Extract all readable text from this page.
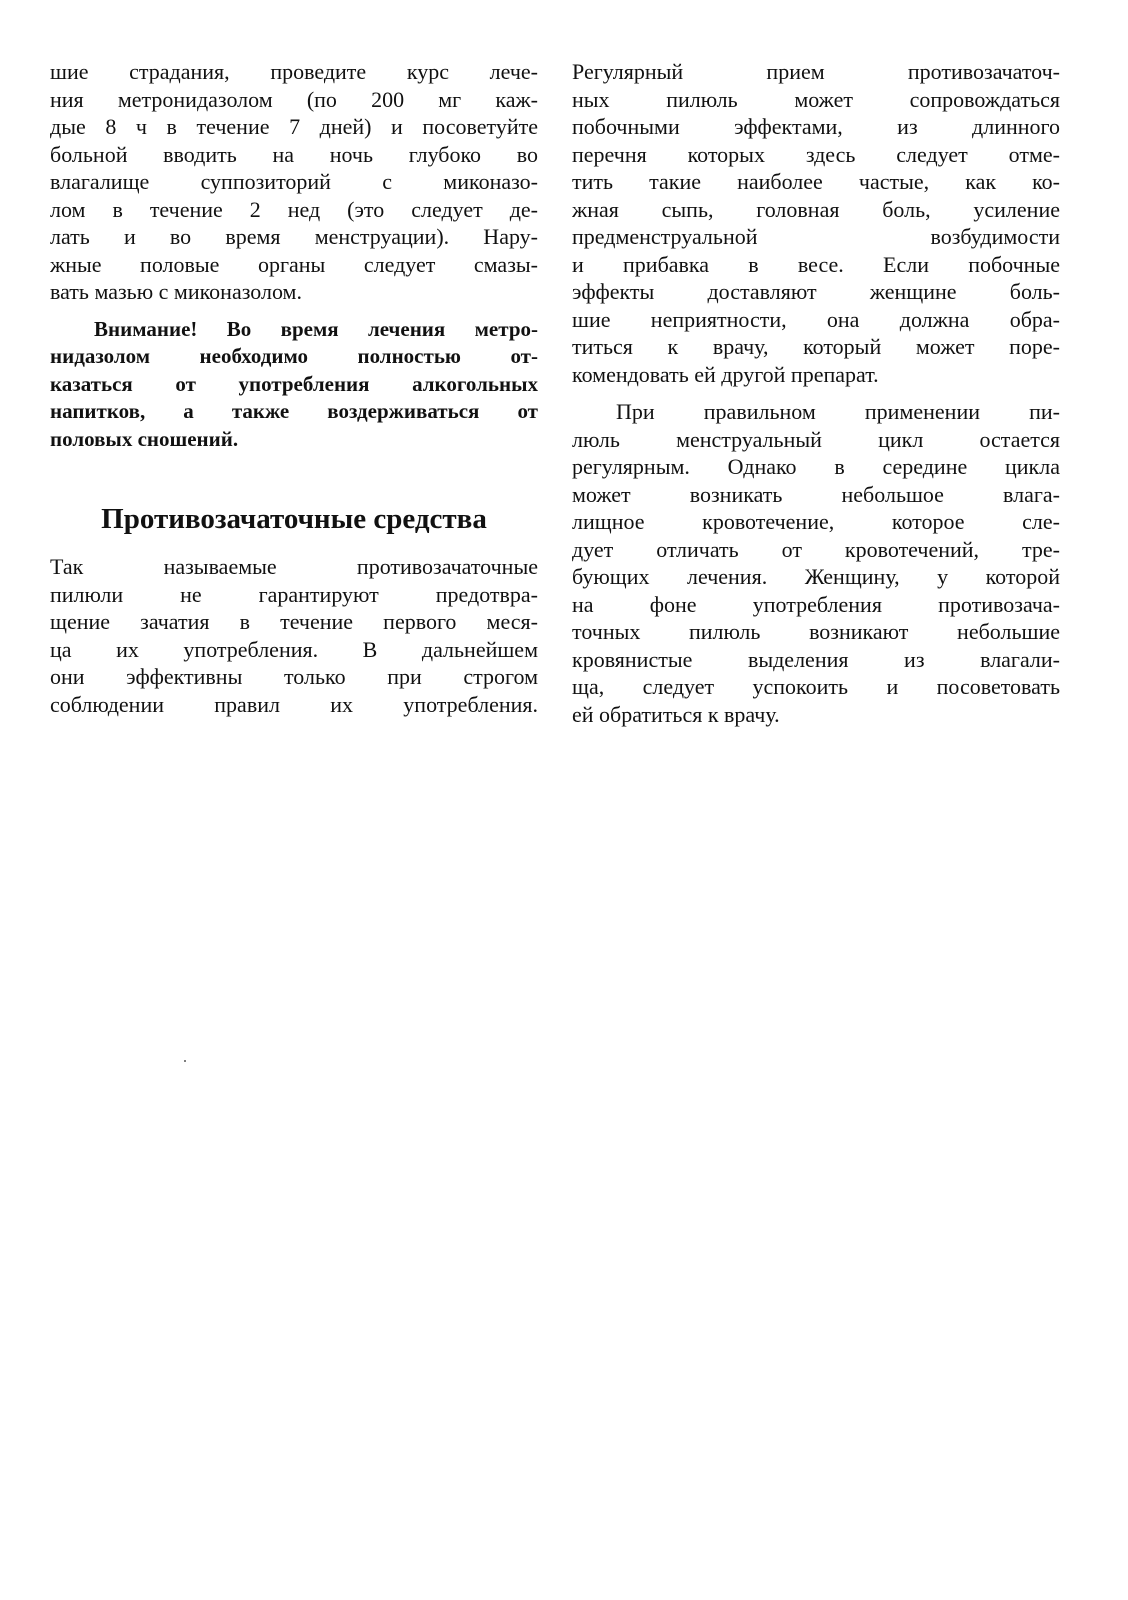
шие страдания, проведите курс лече-
ния метронидазолом (по 200 мг каж-
дые 8 ч в течение 7 дней) и посоветуйте
больной вводить на ночь глубоко во
влагалище суппозиторий с миконазо-
лом в течение 2 нед (это следует де-
лать и во время менструации). Нару-
жные половые органы следует смазы-
вать мазью с миконазолом.
Внимание! Во время лечения метро-
нидазолом необходимо полностью от-
казаться от употребления алкогольных
напитков, а также воздерживаться от
половых сношений.
Противозачаточные средства
Так называемые противозачаточные
пилюли не гарантируют предотвра-
щение зачатия в течение первого меся-
ца их употребления. В дальнейшем
они эффективны только при строгом
соблюдении правил их употребления.
Регулярный прием противозачаточ-
ных пилюль может сопровождаться
побочными эффектами, из длинного
перечня которых здесь следует отме-
тить такие наиболее частые, как ко-
жная сыпь, головная боль, усиление
предменструальной возбудимости
и прибавка в весе. Если побочные
эффекты доставляют женщине боль-
шие неприятности, она должна обра-
титься к врачу, который может поре-
комендовать ей другой препарат.
При правильном применении пи-
люль менструальный цикл остается
регулярным. Однако в середине цикла
может возникать небольшое влага-
лищное кровотечение, которое сле-
дует отличать от кровотечений, тре-
бующих лечения. Женщину, у которой
на фоне употребления противозача-
точных пилюль возникают небольшие
кровянистые выделения из влагали-
ща, следует успокоить и посоветовать
ей обратиться к врачу.
